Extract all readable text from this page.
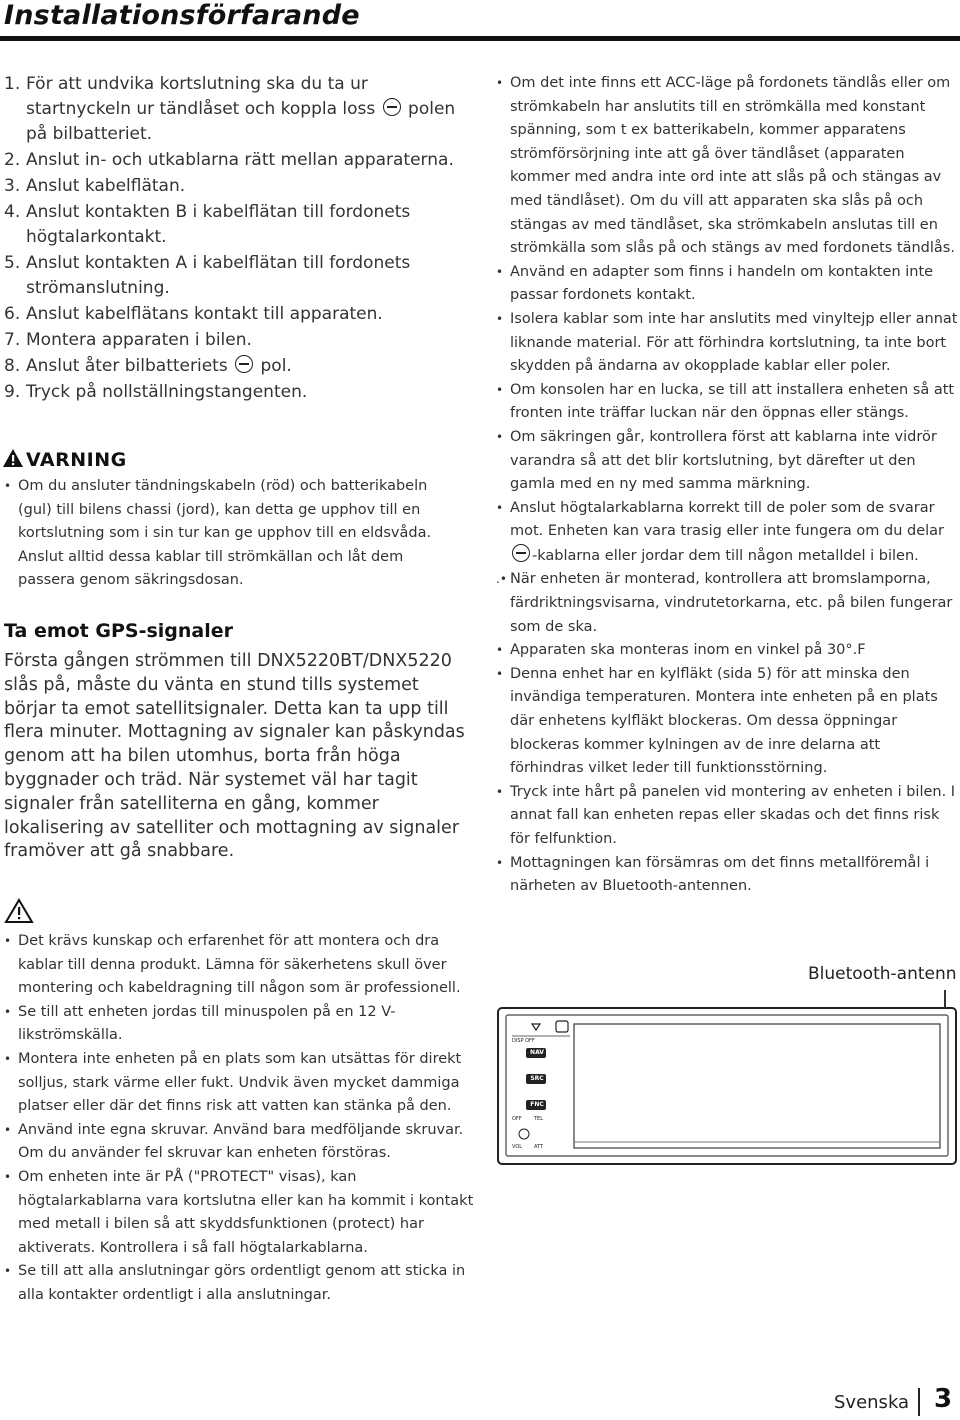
Installationsförfarande
1. För att undvika kortslutning ska du ta ur startnyckeln ur tändlåset och koppla loss  polen på bilbatteriet.
2. Anslut in- och utkablarna rätt mellan apparaterna.
3. Anslut kabelflätan.
4. Anslut kontakten B i kabelflätan till fordonets högtalarkontakt.
5. Anslut kontakten A i kabelflätan till fordonets strömanslutning.
6. Anslut kabelflätans kontakt till apparaten.
7. Montera apparaten i bilen.
8. Anslut åter bilbatteriets  pol.
9. Tryck på nollställningstangenten.
VARNING
• Om du ansluter tändningskabeln (röd) och batterikabeln (gul) till bilens chassi (jord), kan detta ge upphov till en kortslutning som i sin tur kan ge upphov till en eldsvåda. Anslut alltid dessa kablar till strömkällan och låt dem passera genom säkringsdosan.
Ta emot GPS-signaler
Första gången strömmen till DNX5220BT/DNX5220 slås på, måste du vänta en stund tills systemet börjar ta emot satellitsignaler. Detta kan ta upp till flera minuter. Mottagning av signaler kan påskyndas genom att ha bilen utomhus, borta från höga byggnader och träd. När systemet väl har tagit signaler från satelliterna en gång, kommer lokalisering av satelliter och mottagning av signaler framöver att gå snabbare.
• Det krävs kunskap och erfarenhet för att montera och dra kablar till denna produkt. Lämna för säkerhetens skull över montering och kabeldragning till någon som är professionell.
• Se till att enheten jordas till minuspolen på en 12 V-likströmskälla.
• Montera inte enheten på en plats som kan utsättas för direkt solljus, stark värme eller fukt. Undvik även mycket dammiga platser eller där det finns risk att vatten kan stänka på den.
• Använd inte egna skruvar. Använd bara medföljande skruvar. Om du använder fel skruvar kan enheten förstöras.
• Om enheten inte är PÅ ("PROTECT" visas), kan högtalarkablarna vara kortslutna eller kan ha kommit i kontakt med metall i bilen så att skyddsfunktionen (protect) har aktiverats. Kontrollera i så fall högtalarkablarna.
• Se till att alla anslutningar görs ordentligt genom att sticka in alla kontakter ordentligt i alla anslutningar.
• Om det inte finns ett ACC-läge på fordonets tändlås eller om strömkabeln har anslutits till en strömkälla med konstant spänning, som t ex batterikabeln, kommer apparatens strömförsörjning inte att gå över tändlåset (apparaten kommer med andra inte ord inte att slås på och stängas av med tändlåset). Om du vill att apparaten ska slås på och stängas av med tändlåset, ska strömkabeln anslutas till en strömkälla som slås på och stängs av med fordonets tändlås.
• Använd en adapter som finns i handeln om kontakten inte passar fordonets kontakt.
• Isolera kablar som inte har anslutits med vinyltejp eller annat liknande material. För att förhindra kortslutning, ta inte bort skydden på ändarna av okopplade kablar eller poler.
• Om konsolen har en lucka, se till att installera enheten så att fronten inte träffar luckan när den öppnas eller stängs.
• Om säkringen går, kontrollera först att kablarna inte vidrör varandra så att det blir kortslutning, byt därefter ut den gamla med en ny med samma märkning.
• Anslut högtalarkablarna korrekt till de poler som de svarar mot. Enheten kan vara trasig eller inte fungera om du delar
-kablarna eller jordar dem till någon metalldel i bilen.
.• När enheten är monterad, kontrollera att bromslamporna, färdriktningsvisarna, vindrutetorkarna, etc. på bilen fungerar som de ska.
• Apparaten ska monteras inom en vinkel på 30°.F
• Denna enhet har en kylfläkt (sida 5) för att minska den invändiga temperaturen. Montera inte enheten på en plats där enhetens kylfläkt blockeras. Om dessa öppningar blockeras kommer kylningen av de inre delarna att förhindras vilket leder till funktionsstörning.
• Tryck inte hårt på panelen vid montering av enheten i bilen. I annat fall kan enheten repas eller skadas och det finns risk för felfunktion.
• Mottagningen kan försämras om det finns metallföremål i närheten av Bluetooth-antennen.
Bluetooth-antenn
DISP OFF
NAV
SRC
FNC
OFF TEL
VOL ATT
Svenska 3
